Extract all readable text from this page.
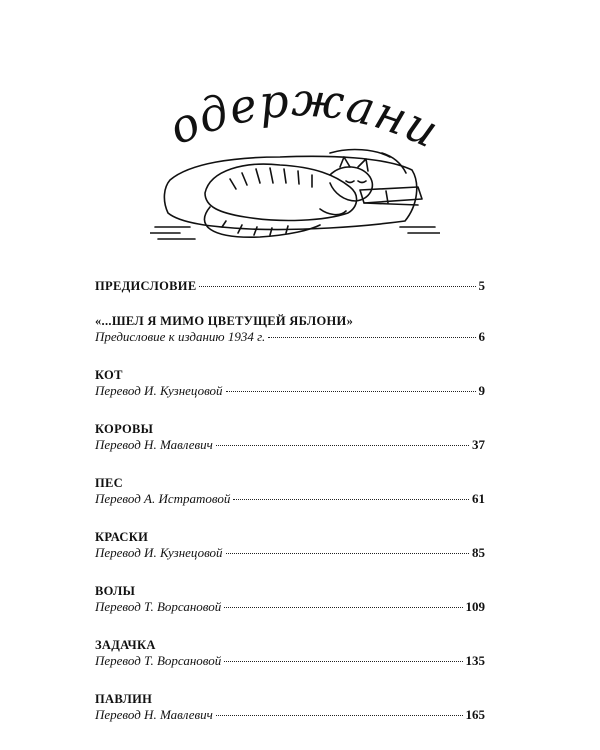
Содержание
ПРЕДИСЛОВИЕ	5
«...ШЕЛ Я МИМО ЦВЕТУЩЕЙ ЯБЛОНИ»
Предисловие к изданию 1934 г.	6
КОТ
Перевод И. Кузнецовой	9
КОРОВЫ
Перевод Н. Мавлевич	37
ПЕС
Перевод А. Истратовой	61
КРАСКИ
Перевод И. Кузнецовой	85
ВОЛЫ
Перевод Т. Ворсановой	109
ЗАДАЧКА
Перевод Т. Ворсановой	135
ПАВЛИН
Перевод Н. Мавлевич	165
